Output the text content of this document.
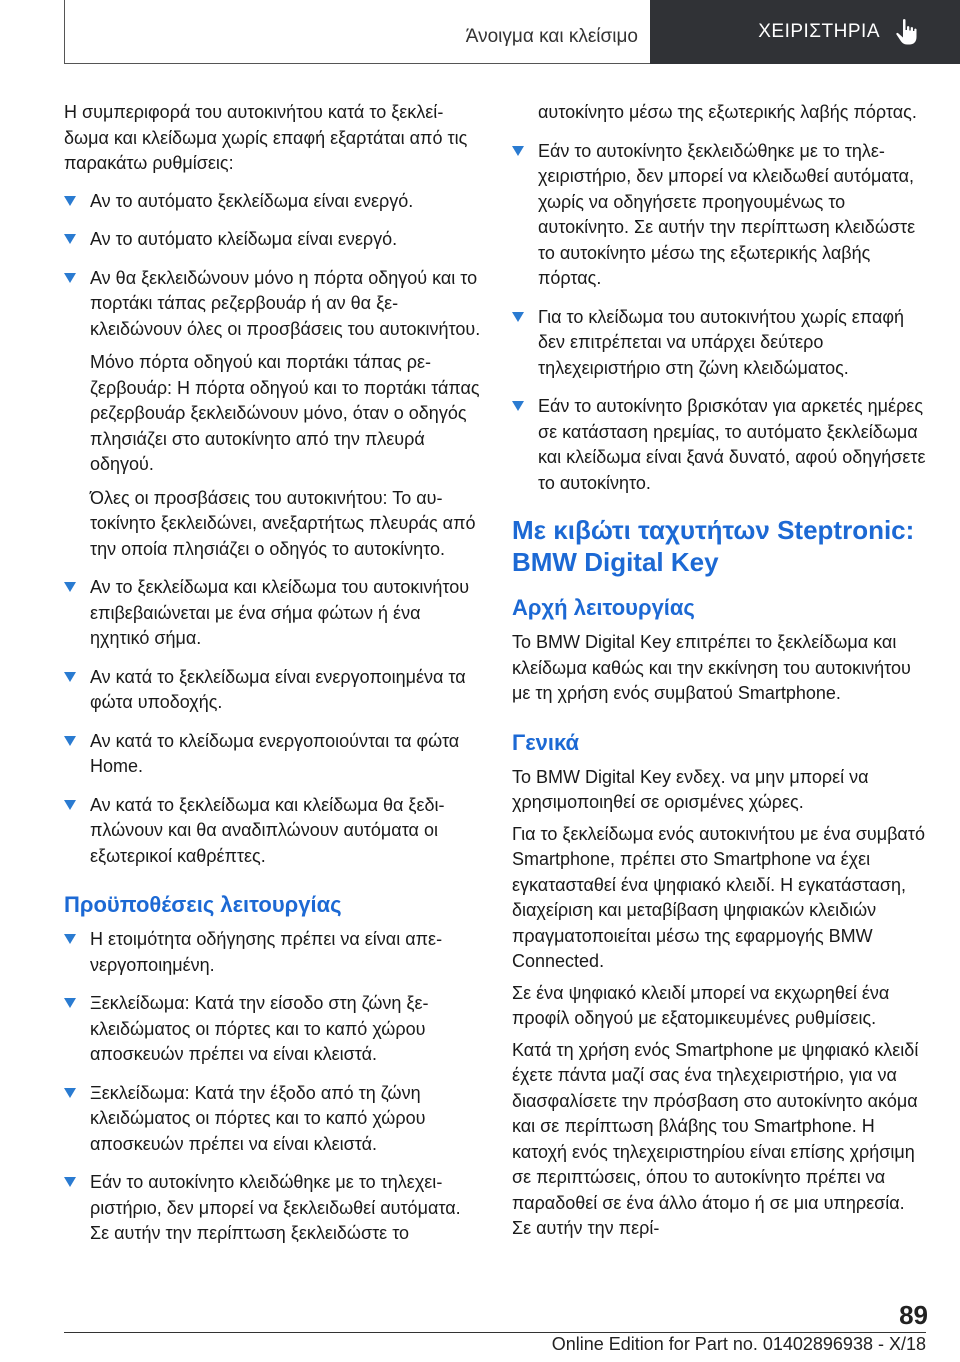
Άνοιγμα και κλείσιμο	ΧΕΙΡΙΣΤΗΡΙΑ

Η συμπεριφορά του αυτοκινήτου κατά το ξεκλείδωμα και κλείδωμα χωρίς επαφή εξαρτάται από τις παρακάτω ρυθμίσεις:

Αν το αυτόματο ξεκλείδωμα είναι ενεργό.
Αν το αυτόματο κλείδωμα είναι ενεργό.
Αν θα ξεκλειδώνουν μόνο η πόρτα οδηγού και το πορτάκι τάπας ρεζερβουάρ ή αν θα ξεκλειδώνουν όλες οι προσβάσεις του αυτοκινήτου.
Μόνο πόρτα οδηγού και πορτάκι τάπας ρεζερβουάρ: Η πόρτα οδηγού και το πορτάκι τάπας ρεζερβουάρ ξεκλειδώνουν μόνο, όταν ο οδηγός πλησιάζει στο αυτοκίνητο από την πλευρά οδηγού.
Όλες οι προσβάσεις του αυτοκινήτου: Το αυτοκίνητο ξεκλειδώνει, ανεξαρτήτως πλευράς από την οποία πλησιάζει ο οδηγός το αυτοκίνητο.
Αν το ξεκλείδωμα και κλείδωμα του αυτοκινήτου επιβεβαιώνεται με ένα σήμα φώτων ή ένα ηχητικό σήμα.
Αν κατά το ξεκλείδωμα είναι ενεργοποιημένα τα φώτα υποδοχής.
Αν κατά το κλείδωμα ενεργοποιούνται τα φώτα Home.
Αν κατά το ξεκλείδωμα και κλείδωμα θα ξεδιπλώνουν και θα αναδιπλώνουν αυτόματα οι εξωτερικοί καθρέπτες.
Προϋποθέσεις λειτουργίας
Η ετοιμότητα οδήγησης πρέπει να είναι απενεργοποιημένη.
Ξεκλείδωμα: Κατά την είσοδο στη ζώνη ξεκλειδώματος οι πόρτες και το καπό χώρου αποσκευών πρέπει να είναι κλειστά.
Ξεκλείδωμα: Κατά την έξοδο από τη ζώνη κλειδώματος οι πόρτες και το καπό χώρου αποσκευών πρέπει να είναι κλειστά.
Εάν το αυτοκίνητο κλειδώθηκε με το τηλεχειριστήριο, δεν μπορεί να ξεκλειδωθεί αυτόματα. Σε αυτήν την περίπτωση ξεκλειδώστε το

αυτοκίνητο μέσω της εξωτερικής λαβής πόρτας.

Εάν το αυτοκίνητο ξεκλειδώθηκε με το τηλεχειριστήριο, δεν μπορεί να κλειδωθεί αυτόματα, χωρίς να οδηγήσετε προηγουμένως το αυτοκίνητο. Σε αυτήν την περίπτωση κλειδώστε το αυτοκίνητο μέσω της εξωτερικής λαβής πόρτας.
Για το κλείδωμα του αυτοκινήτου χωρίς επαφή δεν επιτρέπεται να υπάρχει δεύτερο τηλεχειριστήριο στη ζώνη κλειδώματος.
Εάν το αυτοκίνητο βρισκόταν για αρκετές ημέρες σε κατάσταση ηρεμίας, το αυτόματο ξεκλείδωμα και κλείδωμα είναι ξανά δυνατό, αφού οδηγήσετε το αυτοκίνητο.
Με κιβώτι ταχυτήτων Steptronic: BMW Digital Key
Αρχή λειτουργίας

Το BMW Digital Key επιτρέπει το ξεκλείδωμα και κλείδωμα καθώς και την εκκίνηση του αυτοκινήτου με τη χρήση ενός συμβατού Smartphone.

Γενικά

Το BMW Digital Key ενδεχ. να μην μπορεί να χρησιμοποιηθεί σε ορισμένες χώρες.

Για το ξεκλείδωμα ενός αυτοκινήτου με ένα συμβατό Smartphone, πρέπει στο Smartphone να έχει εγκατασταθεί ένα ψηφιακό κλειδί. Η εγκατάσταση, διαχείριση και μεταβίβαση ψηφιακών κλειδιών πραγματοποιείται μέσω της εφαρμογής BMW Connected.

Σε ένα ψηφιακό κλειδί μπορεί να εκχωρηθεί ένα προφίλ οδηγού με εξατομικευμένες ρυθμίσεις.

Κατά τη χρήση ενός Smartphone με ψηφιακό κλειδί έχετε πάντα μαζί σας ένα τηλεχειριστήριο, για να διασφαλίσετε την πρόσβαση στο αυτοκίνητο ακόμα και σε περίπτωση βλάβης του Smartphone. Η κατοχή ενός τηλεχειριστηρίου είναι επίσης χρήσιμη σε περιπτώσεις, όπου το αυτοκίνητο πρέπει να παραδοθεί σε ένα άλλο άτομο ή σε μια υπηρεσία. Σε αυτήν την περί-

89
Online Edition for Part no. 01402896938 - X/18
